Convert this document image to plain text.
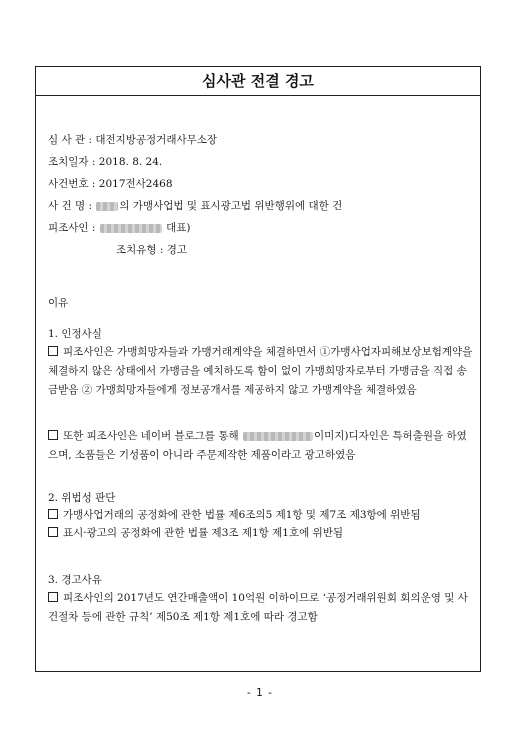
심사관 전결 경고
심 사 관 : 대전지방공정거래사무소장
조치일자 : 2018. 8. 24.
사건번호 : 2017전사2468
사 건 명 :	의 가맹사업법 및 표시광고법 위반행위에 대한 건
피조사인 :	대표)
조치유형 : 경고
이유
1. 인정사실
피조사인은 가맹희망자들과 가맹거래계약을 체결하면서 ①가맹사업자피해보상보험계약을 체결하지 않은 상태에서 가맹금을 예치하도록 함이 없이 가맹희망자로부터 가맹금을 직접 송금받음 ② 가맹희망자들에게 정보공개서를 제공하지 않고 가맹계약을 체결하였음
또한 피조사인은 네이버 블로그를 통해	이미지)디자인은 특허출원을 하였으며, 소품들은 기성품이 아니라 주문제작한 제품이라고 광고하였음
2. 위법성 판단
가맹사업거래의 공정화에 관한 법률 제6조의5 제1항 및 제7조 제3항에 위반됨
표시·광고의 공정화에 관한 법률 제3조 제1항 제1호에 위반됨
3. 경고사유
피조사인의 2017년도 연간매출액이 10억원 이하이므로 ‘공정거래위원회 회의운영 및 사건절차 등에 관한 규칙’ 제50조 제1항 제1호에 따라 경고함
- 1 -
